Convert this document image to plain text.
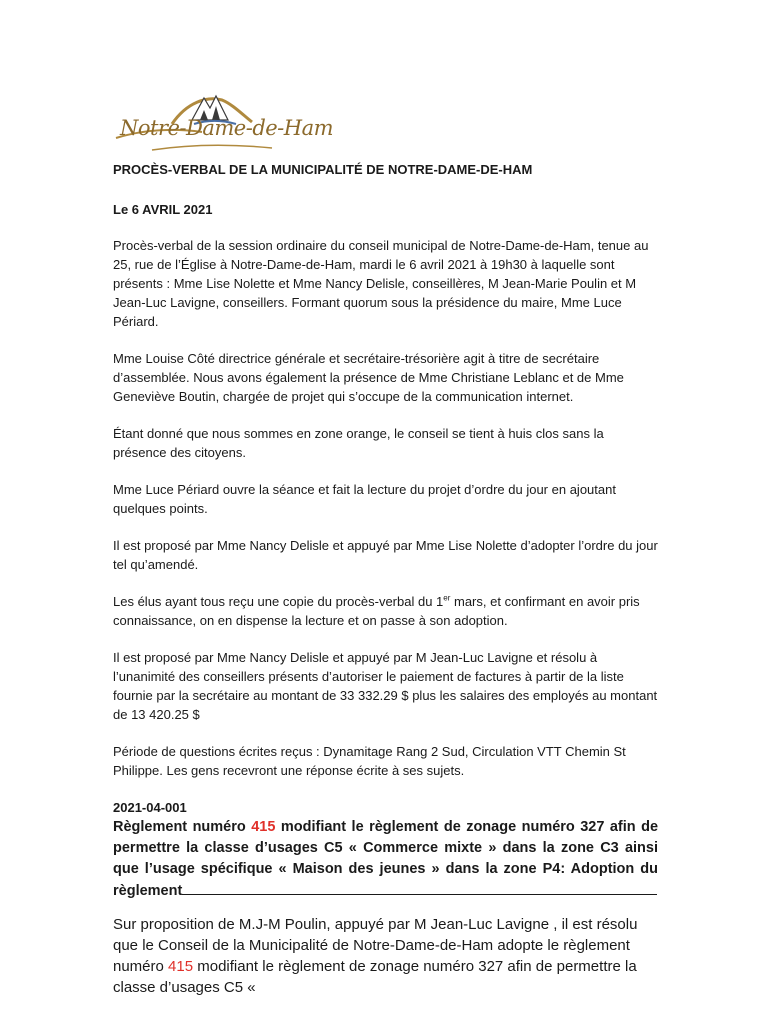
Notre-Dame-de-Ham

PROCÈS-VERBAL DE LA MUNICIPALITÉ DE NOTRE-DAME-DE-HAM

Le 6 AVRIL 2021

Procès-verbal de la session ordinaire du conseil municipal de Notre-Dame-de-Ham, tenue au 25, rue de l’Église à Notre-Dame-de-Ham, mardi le 6 avril 2021 à 19h30 à laquelle sont présents : Mme Lise Nolette et Mme Nancy Delisle, conseillères, M Jean-Marie Poulin et M Jean-Luc Lavigne, conseillers. Formant quorum sous la présidence du maire, Mme Luce Périard.

Mme Louise Côté directrice générale et secrétaire-trésorière agit à titre de secrétaire d’assemblée. Nous avons également la présence de Mme Christiane Leblanc et de Mme Geneviève Boutin, chargée de projet qui s’occupe de la communication internet.

Étant donné que nous sommes en zone orange, le conseil se tient à huis clos sans la présence des citoyens.

Mme Luce Périard ouvre la séance et fait la lecture du projet d’ordre du jour en ajoutant quelques points.

Il est proposé par Mme Nancy Delisle et appuyé par Mme Lise Nolette d’adopter l’ordre du jour tel qu’amendé.

Les élus ayant tous reçu une copie du procès-verbal du 1er mars, et confirmant en avoir pris connaissance, on en dispense la lecture et on passe à son adoption.

Il est proposé par Mme Nancy Delisle et appuyé par M Jean-Luc Lavigne et résolu à l’unanimité des conseillers présents d’autoriser le paiement de factures à partir de la liste fournie par la secrétaire au montant de 33 332.29 $ plus les salaires des employés au montant de 13 420.25 $

Période de questions écrites reçus : Dynamitage Rang 2 Sud, Circulation VTT Chemin St Philippe. Les gens recevront une réponse écrite à ses sujets.

2021-04-001

Règlement numéro 415 modifiant le règlement de zonage numéro 327 afin de permettre la classe d’usages C5 « Commerce mixte » dans la zone C3 ainsi que l’usage spécifique « Maison des jeunes » dans la zone P4: Adoption du règlement

Sur proposition de M.J-M Poulin, appuyé par M Jean-Luc Lavigne , il est résolu que le Conseil de la Municipalité de Notre-Dame-de-Ham adopte le règlement numéro 415 modifiant le règlement de zonage numéro 327 afin de permettre la classe d’usages C5 «
